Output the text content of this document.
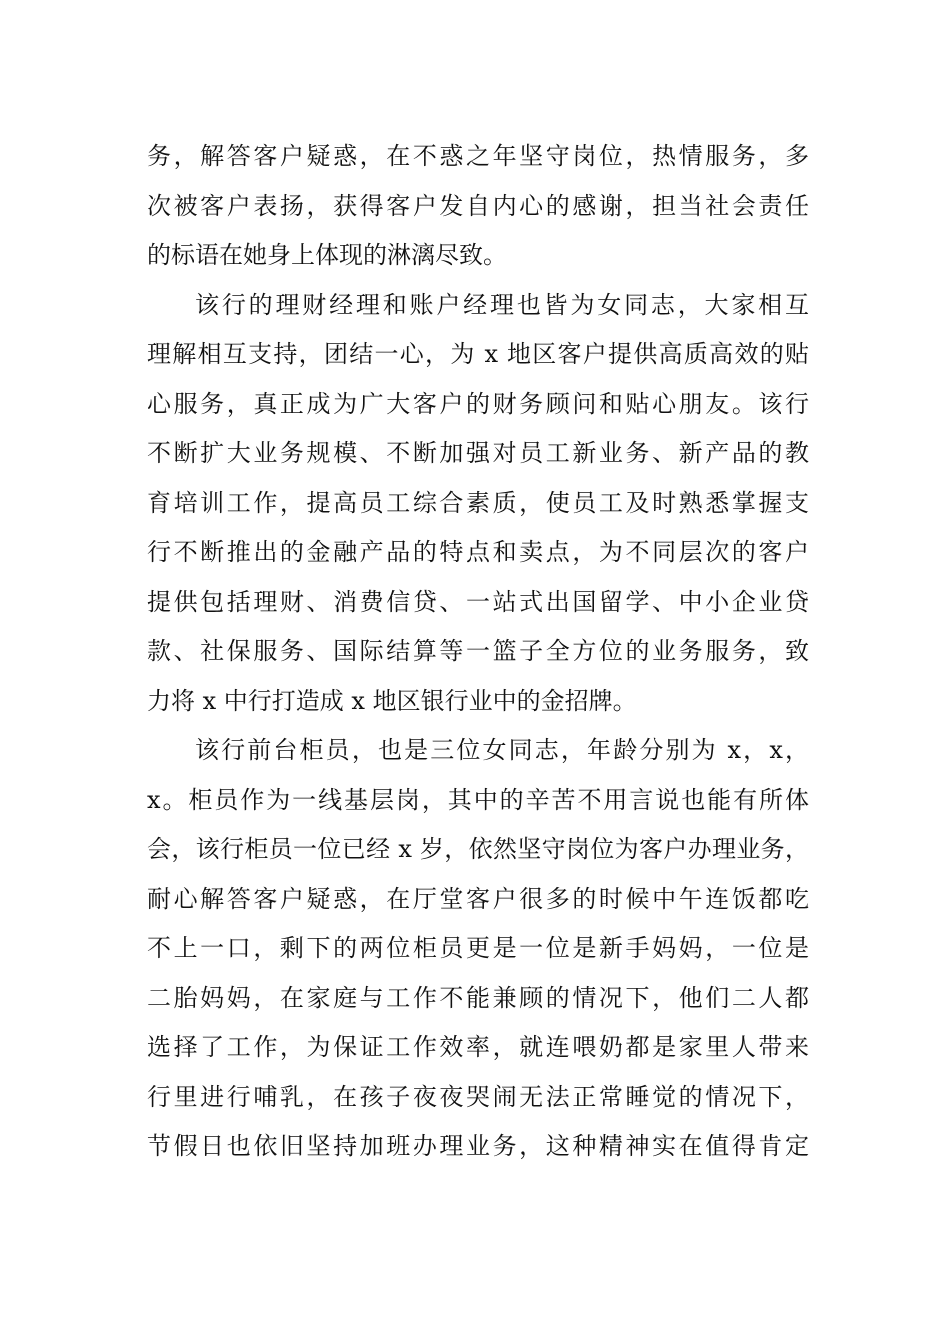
务，解答客户疑惑，在不惑之年坚守岗位，热情服务，多
次被客户表扬，获得客户发自内心的感谢，担当社会责任
的标语在她身上体现的淋漓尽致。
该行的理财经理和账户经理也皆为女同志，大家相互
理解相互支持，团结一心，为 x 地区客户提供高质高效的贴
心服务，真正成为广大客户的财务顾问和贴心朋友。该行
不断扩大业务规模、不断加强对员工新业务、新产品的教
育培训工作，提高员工综合素质，使员工及时熟悉掌握支
行不断推出的金融产品的特点和卖点，为不同层次的客户
提供包括理财、消费信贷、一站式出国留学、中小企业贷
款、社保服务、国际结算等一篮子全方位的业务服务，致
力将 x 中行打造成 x 地区银行业中的金招牌。
该行前台柜员，也是三位女同志，年龄分别为 x，x，
x。柜员作为一线基层岗，其中的辛苦不用言说也能有所体
会，该行柜员一位已经 x 岁，依然坚守岗位为客户办理业务，
耐心解答客户疑惑，在厅堂客户很多的时候中午连饭都吃
不上一口，剩下的两位柜员更是一位是新手妈妈，一位是
二胎妈妈，在家庭与工作不能兼顾的情况下，他们二人都
选择了工作，为保证工作效率，就连喂奶都是家里人带来
行里进行哺乳，在孩子夜夜哭闹无法正常睡觉的情况下，
节假日也依旧坚持加班办理业务，这种精神实在值得肯定
